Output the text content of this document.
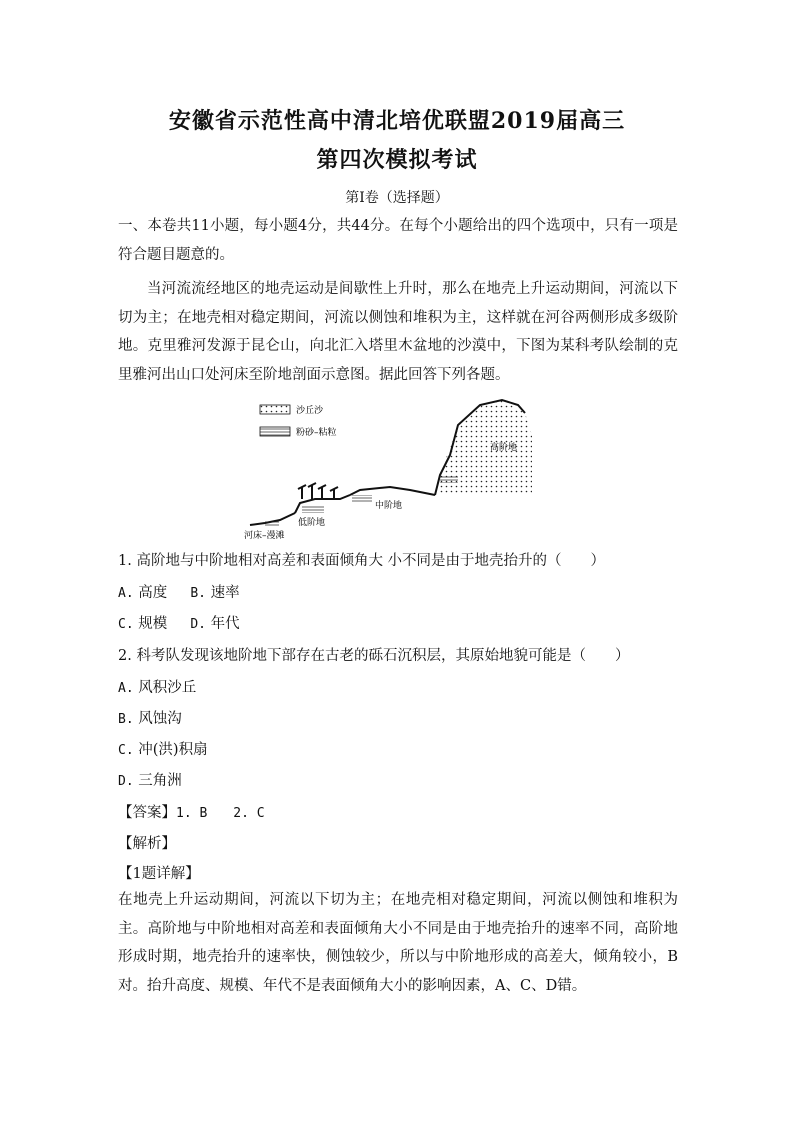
安徽省示范性高中清北培优联盟2019届高三
第四次模拟考试

第Ⅰ卷（选择题）

一、本卷共11小题，每小题4分，共44分。在每个小题给出的四个选项中，只有一项是符合题目题意的。

当河流流经地区的地壳运动是间歇性上升时，那么在地壳上升运动期间，河流以下切为主；在地壳相对稳定期间，河流以侧蚀和堆积为主，这样就在河谷两侧形成多级阶地。克里雅河发源于昆仑山，向北汇入塔里木盆地的沙漠中，下图为某科考队绘制的克里雅河出山口处河床至阶地剖面示意图。据此回答下列各题。

沙丘沙
粉砂–粘粒
高阶地
中阶地
低阶地
河床–漫滩

1. 高阶地与中阶地相对高差和表面倾角大 小不同是由于地壳抬升的（　　）

A. 高度 B. 速率

C. 规模 D. 年代

2. 科考队发现该地阶地下部存在古老的砾石沉积层，其原始地貌可能是（　　）

A. 风积沙丘

B. 风蚀沟

C. 冲(洪)积扇

D. 三角洲

【答案】1. B　　2. C

【解析】

【1题详解】

在地壳上升运动期间，河流以下切为主；在地壳相对稳定期间，河流以侧蚀和堆积为主。高阶地与中阶地相对高差和表面倾角大小不同是由于地壳抬升的速率不同，高阶地形成时期，地壳抬升的速率快，侧蚀较少，所以与中阶地形成的高差大，倾角较小，B对。抬升高度、规模、年代不是表面倾角大小的影响因素，A、C、D错。
